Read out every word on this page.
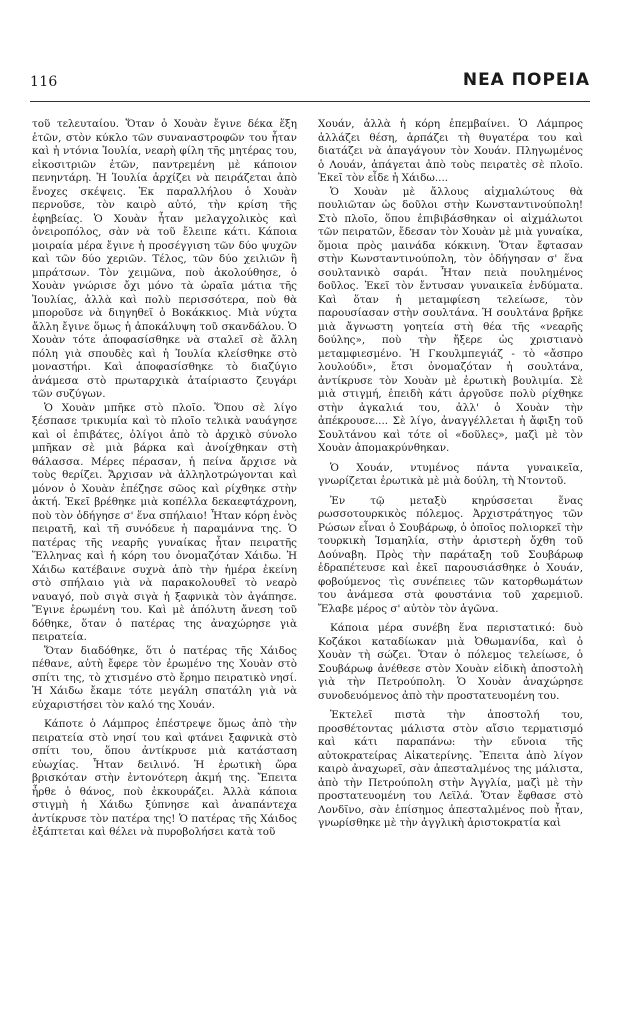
116	ΝΕΑ ΠΟΡΕΙΑ

τοῦ τελευταίου. Ὅταν ὁ Χουὰν ἔγινε δέκα ἕξη ἐτῶν, στὸν κύκλο τῶν συναναστροφῶν του ἦταν καὶ ἡ ντόνια Ἰουλία, νεαρὴ φίλη τῆς μητέρας του, εἰκοσιτριῶν ἐτῶν, παντρεμένη μὲ κάποιον πενηντάρη. Ἡ Ἰουλία ἀρχίζει νὰ πειράζεται ἀπὸ ἔνοχες σκέψεις. Ἐκ παραλλήλου ὁ Χουὰν περνοῦσε, τὸν καιρὸ αὐτό, τὴν κρίση τῆς ἐφηβείας. Ὁ Χουὰν ἦταν μελαγχολικὸς καὶ ὀνειροπόλος, σὰν νὰ τοῦ ἔλειπε κάτι. Κάποια μοιραία μέρα ἔγινε ἡ προσέγγιση τῶν δύο ψυχῶν καὶ τῶν δύο χεριῶν. Τέλος, τῶν δύο χειλιῶν ἢ μπράτσων. Τὸν χειμῶνα, ποὺ ἀκολούθησε, ὁ Χουὰν γνώρισε ὄχι μόνο τὰ ὡραῖα μάτια τῆς Ἰουλίας, ἀλλὰ καὶ πολὺ περισσότερα, ποὺ θὰ μποροῦσε νὰ διηγηθεῖ ὁ Βοκάκκιος. Μιὰ νύχτα ἄλλη ἔγινε ὅμως ἡ ἀποκάλυψη τοῦ σκανδάλου. Ὁ Χουὰν τότε ἀποφασίσθηκε νὰ σταλεῖ σὲ ἄλλη πόλη γιὰ σπουδὲς καὶ ἡ Ἰουλία κλείσθηκε στὸ μοναστήρι. Καὶ ἀποφασίσθηκε τὸ διαζύγιο ἀνάμεσα στὸ πρωταρχικὰ ἀταίριαστο ζευγάρι τῶν συζύγων.

Ὁ Χουὰν μπῆκε στὸ πλοῖο. Ὅπου σὲ λίγο ξέσπασε τρικυμία καὶ τὸ πλοῖο τελικὰ ναυάγησε καὶ οἱ ἐπιβάτες, ὀλίγοι ἀπὸ τὸ ἀρχικὸ σύνολο μπῆκαν σὲ μιὰ βάρκα καὶ ἀνοίχθηκαν στὴ θάλασσα. Μέρες πέρασαν, ἡ πείνα ἄρχισε νὰ τοὺς θερίζει. Ἄρχισαν νὰ ἀλληλοτρώγονται καὶ μόνον ὁ Χουὰν ἐπέζησε σῶος καὶ ρίχθηκε στὴν ἀκτή. Ἐκεῖ βρέθηκε μιὰ κοπέλλα δεκαεφτάχρονη, ποὺ τὸν ὁδήγησε σ' ἕνα σπήλαιο! Ἦταν κόρη ἑνὸς πειρατῆ, καὶ τῆ συνόδευε ἡ παραμάννα της. Ὁ πατέρας τῆς νεαρῆς γυναίκας ἦταν πειρατῆς Ἕλληνας καὶ ἡ κόρη του ὀνομαζόταν Χάιδω. Ἡ Χάιδω κατέβαινε συχνὰ ἀπὸ τὴν ἡμέρα ἐκείνη στὸ σπήλαιο γιὰ νὰ παρακολουθεῖ τὸ νεαρὸ ναυαγό, ποὺ σιγὰ σιγὰ ἡ ξαφνικὰ τὸν ἀγάπησε. Ἔγινε ἐρωμένη του. Καὶ μὲ ἀπόλυτη ἄνεση τοῦ δόθηκε, ὅταν ὁ πατέρας της ἀναχώρησε γιὰ πειρατεία.

Ὅταν διαδόθηκε, ὅτι ὁ πατέρας τῆς Χάιδος πέθανε, αὐτὴ ἔφερε τὸν ἐρωμένο της Χουὰν στὸ σπίτι της, τὸ χτισμένο στὸ ἔρημο πειρατικὸ νησί. Ἡ Χάιδω ἔκαμε τότε μεγάλη σπατάλη γιὰ νὰ εὐχαριστήσει τὸν καλό της Χουάν.

Κάποτε ὁ Λάμπρος ἐπέστρεψε ὅμως ἀπὸ τὴν πειρατεία στὸ νησί του καὶ φτάνει ξαφνικὰ στὸ σπίτι του, ὅπου ἀντίκρυσε μιὰ κατάσταση εὐωχίας. Ἦταν δειλινό. Ἡ ἐρωτικὴ ὥρα βρισκόταν στὴν ἐντονότερη ἀκμή της. Ἔπειτα ἦρθε ὁ θάνος, ποὺ ἐκκουράζει. Ἀλλὰ κάποια στιγμὴ ἡ Χάιδω ξύπνησε καὶ ἀναπάντεχα ἀντίκρυσε τὸν πατέρα της! Ὁ πατέρας τῆς Χάιδος ἐξάπτεται καὶ θέλει νὰ πυροβολήσει κατὰ τοῦ

Χουάν, ἀλλὰ ἡ κόρη ἐπεμβαίνει. Ὁ Λάμπρος ἀλλάζει θέση, ἁρπάζει τὴ θυγατέρα του καὶ διατάζει νὰ ἀπαγάγουν τὸν Χουάν. Πληγωμένος ὁ Λουάν, ἁπάγεται ἀπὸ τοὺς πειρατὲς σὲ πλοῖο. Ἐκεῖ τὸν εἶδε ἡ Χάιδω....

Ὁ Χουὰν μὲ ἄλλους αἰχμαλώτους θὰ πουλιῶταν ὡς δοῦλοι στὴν Κωνσταντινούπολη! Στὸ πλοῖο, ὅπου ἐπιβιβάσθηκαν οἱ αἰχμάλωτοι τῶν πειρατῶν, ἔδεσαν τὸν Χουὰν μὲ μιὰ γυναίκα, ὅμοια πρὸς μαινάδα κόκκινη. Ὅταν ἔφτασαν στὴν Κωνσταντινούπολη, τὸν ὁδήγησαν σ' ἕνα σουλτανικὸ σαράι. Ἦταν πειὰ πουλημένος δοῦλος. Ἐκεῖ τὸν ἔντυσαν γυναικεῖα ἐνδύματα. Καὶ ὅταν ἡ μεταμφίεση τελείωσε, τὸν παρουσίασαν στὴν σουλτάνα. Ἡ σουλτάνα βρῆκε μιὰ ἄγνωστη γοητεία στὴ θέα τῆς «νεαρῆς δούλης», ποὺ τὴν ἤξερε ὡς χριστιανὸ μεταμφιεσμένο. Ἡ Γκουλμπεγιάζ - τὸ «ἄσπρο λουλούδι», ἔτσι ὀνομαζόταν ἡ σουλτάνα, ἀντίκρυσε τὸν Χουὰν μὲ ἐρωτικὴ βουλιμία. Σὲ μιὰ στιγμή, ἐπειδὴ κάτι ἀργοῦσε πολὺ ρίχθηκε στὴν ἀγκαλιά του, ἀλλ' ὁ Χουὰν τὴν ἀπέκρουσε.... Σὲ λίγο, ἀναγγέλλεται ἡ ἄφιξη τοῦ Σουλτάνου καὶ τότε οἱ «δοῦλες», μαζὶ μὲ τὸν Χουὰν ἀπομακρύνθηκαν.

Ὁ Χουάν, ντυμένος πάντα γυναικεῖα, γνωρίζεται ἐρωτικὰ μὲ μιὰ δούλη, τὴ Ντοντοῦ.

Ἐν τῷ μεταξὺ κηρύσσεται ἕνας ρωσσοτουρκικὸς πόλεμος. Ἀρχιστράτηγος τῶν Ρώσων εἶναι ὁ Σουβάρωφ, ὁ ὁποῖος πολιορκεῖ τὴν τουρκικὴ Ἰσμαηλία, στὴν ἀριστερὴ ὄχθη τοῦ Δούναβη. Πρὸς τὴν παράταξη τοῦ Σουβάρωφ ἐδραπέτευσε καὶ ἐκεῖ παρουσιάσθηκε ὁ Χουάν, φοβούμενος τὶς συνέπειες τῶν κατορθωμάτων του ἀνάμεσα στὰ φουστάνια τοῦ χαρεμιοῦ. Ἔλαβε μέρος σ' αὐτὸν τὸν ἀγῶνα.

Κάποια μέρα συνέβη ἕνα περιστατικό: δυὸ Κοζάκοι καταδίωκαν μιὰ Ὀθωμανίδα, καὶ ὁ Χουὰν τὴ σώζει. Ὅταν ὁ πόλεμος τελείωσε, ὁ Σουβάρωφ ἀνέθεσε στὸν Χουὰν εἰδικὴ ἀποστολὴ γιὰ τὴν Πετρούπολη. Ὁ Χουὰν ἀναχώρησε συνοδευόμενος ἀπὸ τὴν προστατευομένη του.

Ἐκτελεῖ πιστὰ τὴν ἀποστολή του, προσθέτοντας μάλιστα στὸν αἴσιο τερματισμό καὶ κάτι παραπάνω: τὴν εὔνοια τῆς αὐτοκρατείρας Αἰκατερίνης. Ἔπειτα ἀπὸ λίγον καιρὸ ἀναχωρεῖ, σὰν ἀπεσταλμένος της μάλιστα, ἀπὸ τὴν Πετρούπολη στὴν Ἀγγλία, μαζὶ μὲ τὴν προστατευομένη του Λεϊλά. Ὅταν ἔφθασε στὸ Λονδῖνο, σὰν ἐπίσημος ἀπεσταλμένος ποὺ ἦταν, γνωρίσθηκε μὲ τὴν ἀγγλικὴ ἀριστοκρατία καὶ
